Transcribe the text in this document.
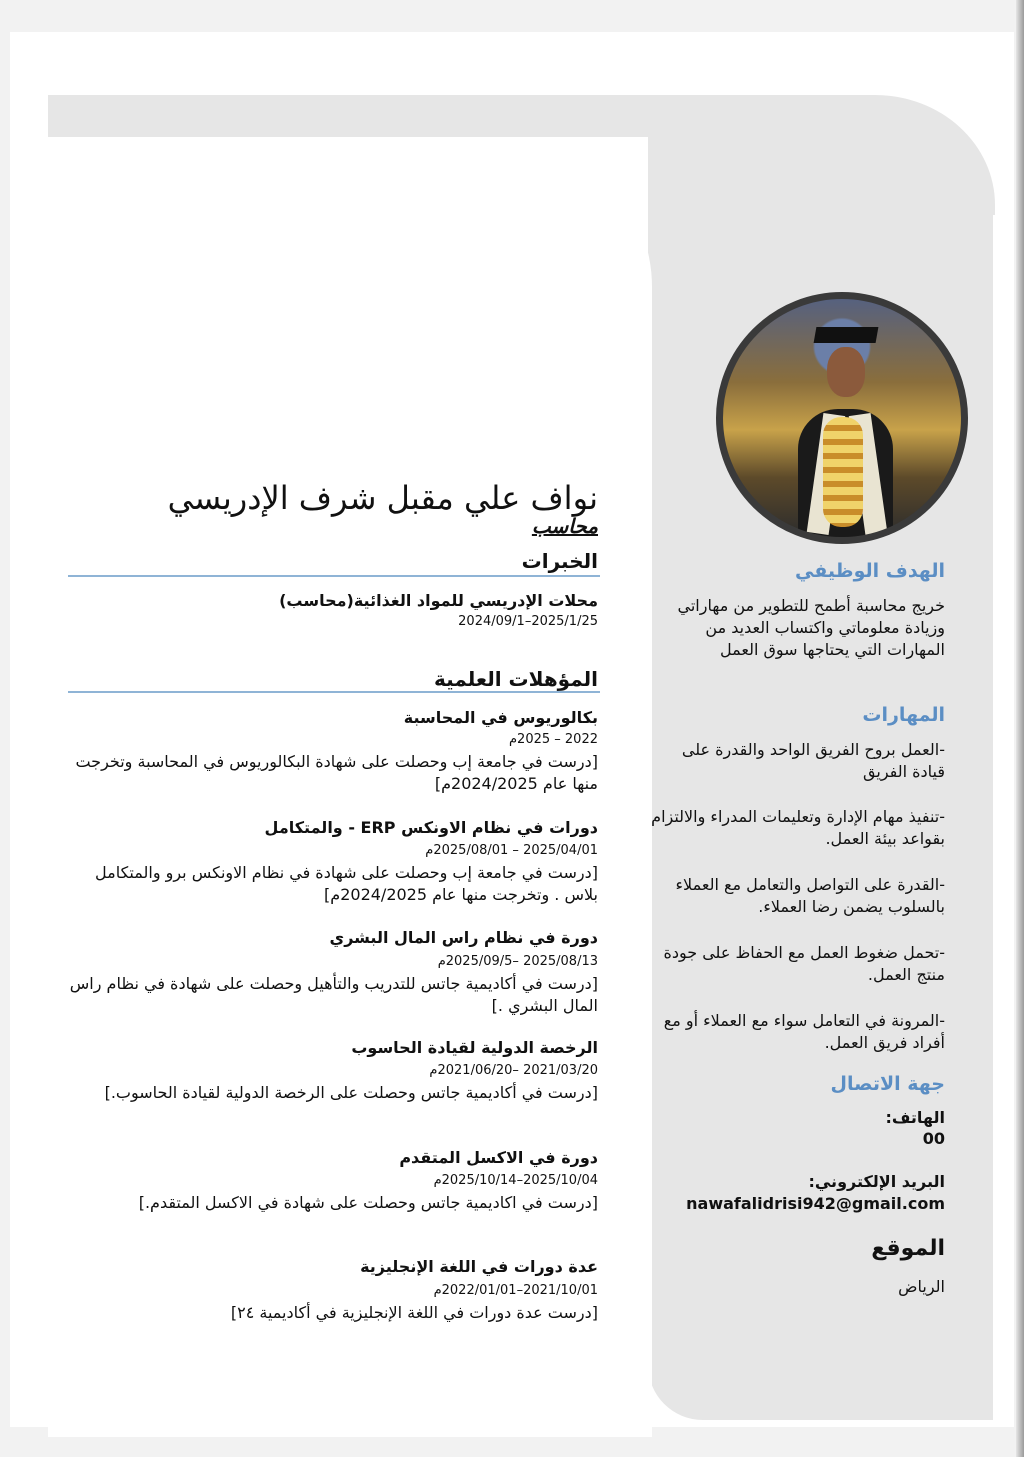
الهدف الوظيفي
خريج محاسبة أطمح للتطوير من مهاراتي وزيادة معلوماتي واكتساب العديد من المهارات التي يحتاجها سوق العمل
المهارات
-العمل بروح الفريق الواحد والقدرة على قيادة الفريق
-تنفيذ مهام الإدارة وتعليمات المدراء والالتزام بقواعد بيئة العمل.
-القدرة على التواصل والتعامل مع العملاء بالسلوب يضمن رضا العملاء.
-تحمل ضغوط العمل مع الحفاظ على جودة منتج العمل.
-المرونة في التعامل سواء مع العملاء أو مع أفراد فريق العمل.
جهة الاتصال
الهاتف:
00
البريد الإلكتروني:
nawafalidrisi942@gmail.com
الموقع
الرياض
نواف علي مقبل شرف الإدريسي
محاسب
الخبرات
محلات الإدريسي للمواد الغذائية(محاسب)
2025/1/25–2024/09/1
المؤهلات العلمية
بكالوريوس في المحاسبة
2022 – 2025م
[درست في جامعة إب وحصلت على شهادة البكالوريوس في المحاسبة وتخرجت منها عام 2024/2025م]
دورات في نظام الاونكس ERP - والمتكامل
2025/04/01 – 2025/08/01م
[درست في جامعة إب وحصلت على شهادة في نظام الاونكس برو والمتكامل بلاس . وتخرجت منها عام 2024/2025م]
دورة في نظام راس المال البشري
2025/08/13 –2025/09/5م
[درست في أكاديمية جاتس للتدريب والتأهيل وحصلت على شهادة في نظام راس المال البشري .]
الرخصة الدولية لقيادة الحاسوب
2021/03/20 –2021/06/20م
[درست في أكاديمية جاتس وحصلت على الرخصة الدولية لقيادة الحاسوب.]
دورة في الاكسل المتقدم
2025/10/04–2025/10/14م
[درست في اكاديمية جاتس وحصلت على شهادة في الاكسل المتقدم.]
عدة دورات في اللغة الإنجليزية
2021/10/01–2022/01/01م
[درست عدة دورات في اللغة الإنجليزية في أكاديمية ٢٤]
